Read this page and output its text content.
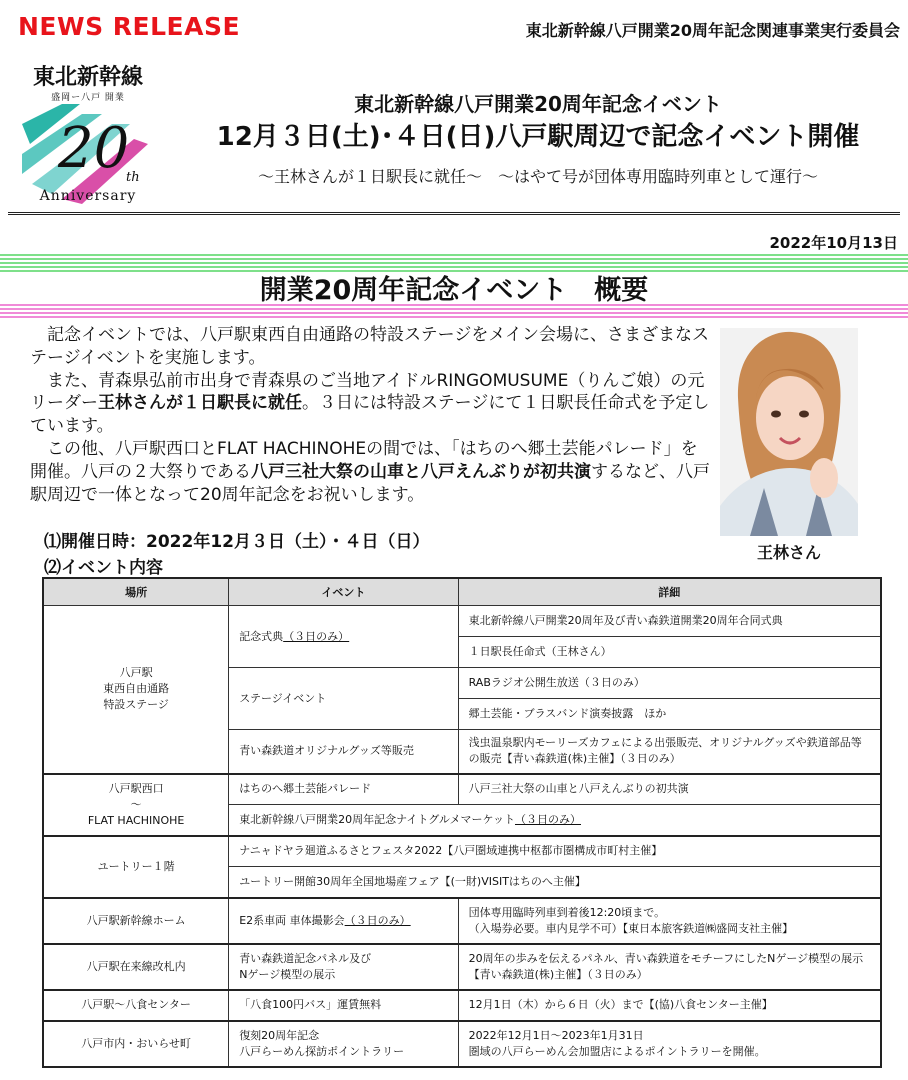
NEWS RELEASE	東北新幹線八戸開業20周年記念関連事業実行委員会
東北新幹線
盛岡ー八戸 開業
20
th
Anniversary
東北新幹線八戸開業20周年記念イベント
12月３日(土)･４日(日)八戸駅周辺で記念イベント開催
～王林さんが１日駅長に就任～　～はやて号が団体専用臨時列車として運行～
2022年10月13日
開業20周年記念イベント　概要

　記念イベントでは、八戸駅東西自由通路の特設ステージをメイン会場に、さまざまなステージイベントを実施します。

　また、青森県弘前市出身で青森県のご当地アイドルRINGOMUSUME（りんご娘）の元リーダー王林さんが１日駅長に就任。３日には特設ステージにて１日駅長任命式を予定しています。

　この他、八戸駅西口とFLAT HACHINOHEの間では、「はちのへ郷土芸能パレード」を開催。八戸の２大祭りである八戸三社大祭の山車と八戸えんぶりが初共演するなど、八戸駅周辺で一体となって20周年記念をお祝いします。

王林さん
⑴開催日時：2022年12月３日（土）・４日（日）
⑵イベント内容
場所	イベント	詳細
八戸駅
東西自由通路
特設ステージ	記念式典（３日のみ）	東北新幹線八戸開業20周年及び青い森鉄道開業20周年合同式典
		１日駅長任命式（王林さん）
	ステージイベント	RABラジオ公開生放送（３日のみ）
		郷土芸能・ブラスバンド演奏披露　ほか
	青い森鉄道オリジナルグッズ等販売	浅虫温泉駅内モーリーズカフェによる出張販売、オリジナルグッズや鉄道部品等の販売【青い森鉄道(株)主催】（３日のみ）
八戸駅西口
～
FLAT HACHINOHE	はちのへ郷土芸能パレード	八戸三社大祭の山車と八戸えんぶりの初共演
	東北新幹線八戸開業20周年記念ナイトグルメマーケット（３日のみ）	
ユートリー１階	ナニャドヤラ廻道ふるさとフェスタ2022【八戸圏域連携中枢都市圏構成市町村主催】	
	ユートリー開館30周年全国地場産フェア【(一財)VISITはちのへ主催】	
八戸駅新幹線ホーム	E2系車両 車体撮影会（３日のみ）	団体専用臨時列車到着後12:20頃まで。
（入場券必要。車内見学不可）【東日本旅客鉄道㈱盛岡支社主催】
八戸駅在来線改札内	青い森鉄道記念パネル及び
Nゲージ模型の展示	20周年の歩みを伝えるパネル、青い森鉄道をモチーフにしたNゲージ模型の展示【青い森鉄道(株)主催】（３日のみ）
八戸駅～八食センター	「八食100円バス」運賃無料	12月1日（木）から６日（火）まで【(協)八食センター主催】
八戸市内・おいらせ町	復刻20周年記念
八戸らーめん探訪ポイントラリー	2022年12月1日～2023年1月31日
圏域の八戸らーめん会加盟店によるポイントラリーを開催。
